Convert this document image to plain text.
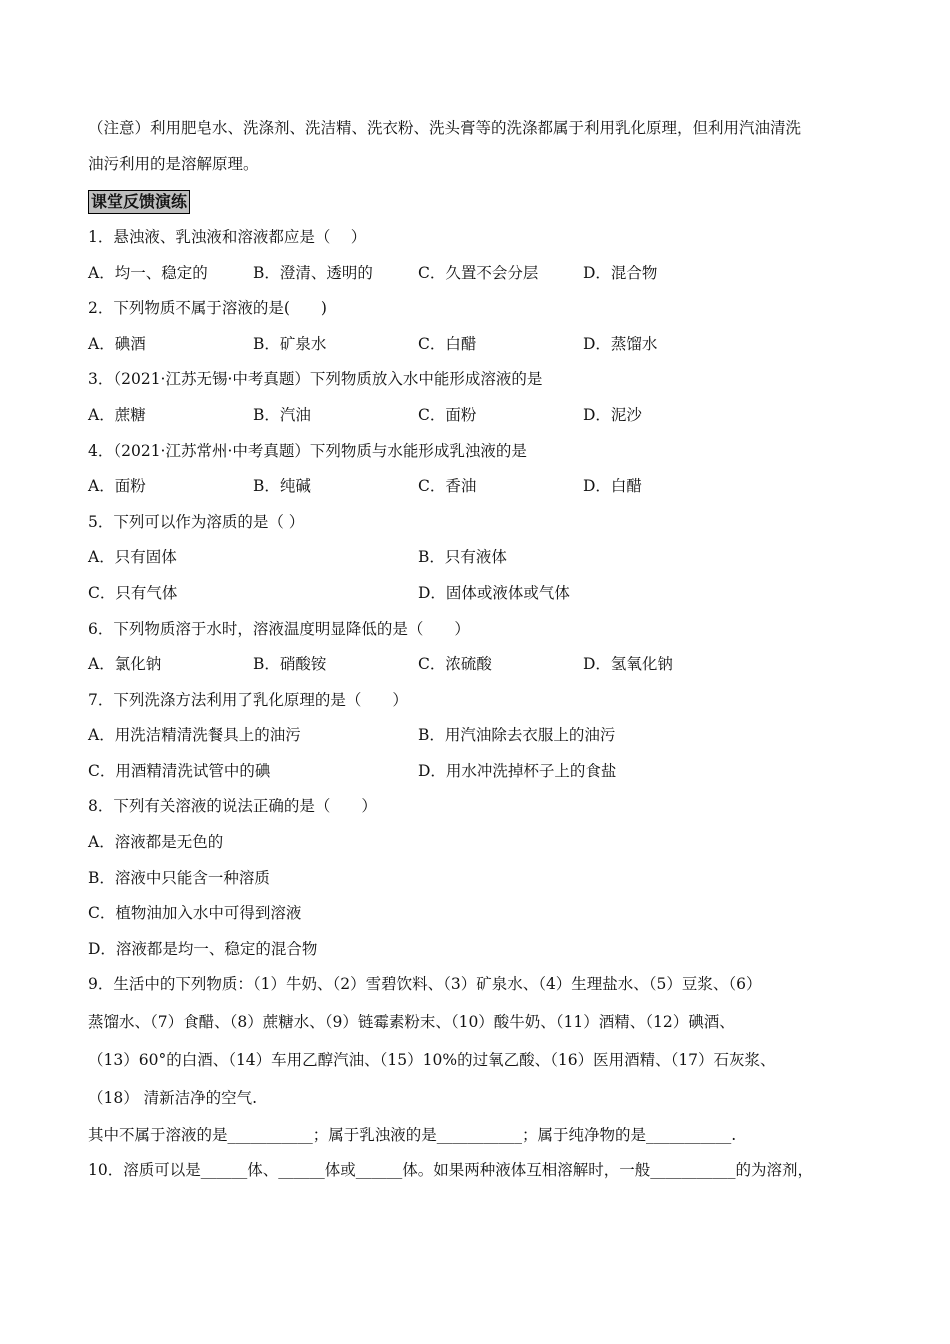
（注意）利用肥皂水、洗涤剂、洗洁精、洗衣粉、洗头膏等的洗涤都属于利用乳化原理，但利用汽油清洗
油污利用的是溶解原理。
课堂反馈演练
1．悬浊液、乳浊液和溶液都应是（　 ）
A．均一、稳定的	B．澄清、透明的	C．久置不会分层	D．混合物
2．下列物质不属于溶液的是(　　)
A．碘酒	B．矿泉水	C．白醋	D．蒸馏水
3．（2021·江苏无锡·中考真题）下列物质放入水中能形成溶液的是
A．蔗糖	B．汽油	C．面粉	D．泥沙
4．（2021·江苏常州·中考真题）下列物质与水能形成乳浊液的是
A．面粉	B．纯碱	C．香油	D．白醋
5．下列可以作为溶质的是（ ）
A．只有固体	B．只有液体
C．只有气体	D．固体或液体或气体
6．下列物质溶于水时，溶液温度明显降低的是（　　）
A．氯化钠	B．硝酸铵	C．浓硫酸	D．氢氧化钠
7．下列洗涤方法利用了乳化原理的是（　　）
A．用洗洁精清洗餐具上的油污	B．用汽油除去衣服上的油污
C．用酒精清洗试管中的碘	D．用水冲洗掉杯子上的食盐
8．下列有关溶液的说法正确的是（　　）
A．溶液都是无色的
B．溶液中只能含一种溶质
C．植物油加入水中可得到溶液
D．溶液都是均一、稳定的混合物
9．生活中的下列物质：（1）牛奶、（2）雪碧饮料、（3）矿泉水、（4）生理盐水、（5）豆浆、（6）
蒸馏水、（7）食醋、（8）蔗糖水、（9）链霉素粉末、（10）酸牛奶、（11）酒精、（12）碘酒、
（13）60°的白酒、（14）车用乙醇汽油、（15）10%的过氧乙酸、（16）医用酒精、（17）石灰浆、
（18） 清新洁净的空气.
其中不属于溶液的是___________；属于乳浊液的是___________；属于纯净物的是___________.
10．溶质可以是______体、______体或______体。如果两种液体互相溶解时，一般___________的为溶剂，
